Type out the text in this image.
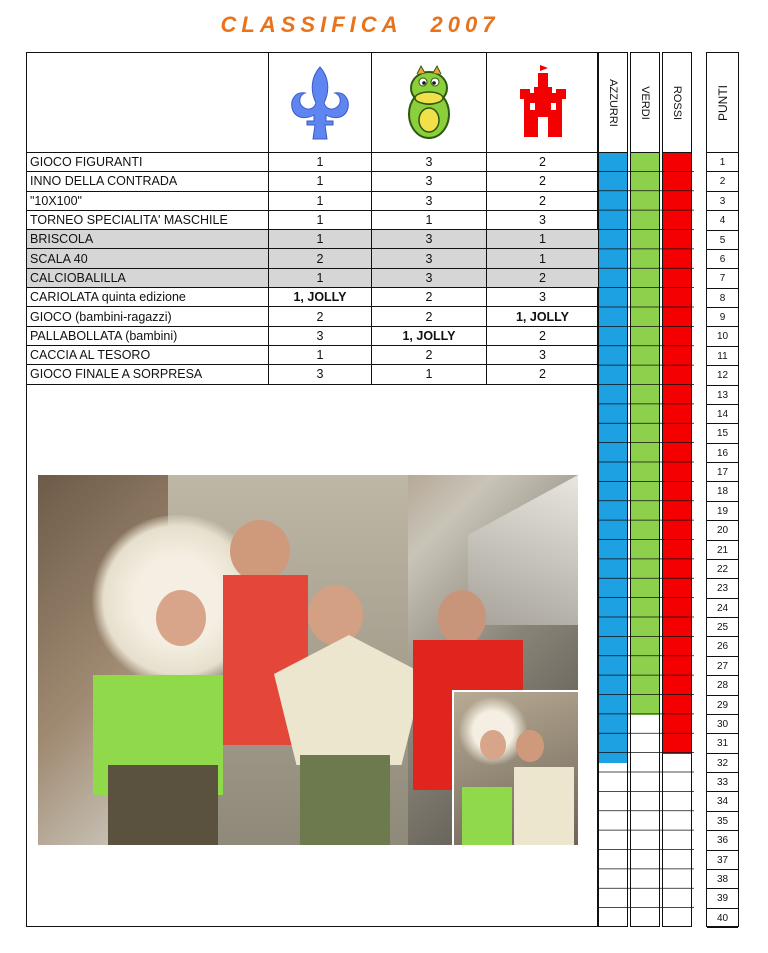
CLASSIFICA 2007

GIOCO FIGURANTI	1	3	2
INNO DELLA CONTRADA	1	3	2
"10X100"	1	3	2
TORNEO SPECIALITA' MASCHILE	1	1	3
BRISCOLA	1	3	1
SCALA 40	2	3	1
CALCIOBALILLA	1	3	2
CARIOLATA quinta edizione	1, JOLLY	2	3
GIOCO (bambini-ragazzi)	2	2	1, JOLLY
PALLABOLLATA (bambini)	3	1, JOLLY	2
CACCIA AL TESORO	1	2	3
GIOCO FINALE A SORPRESA	3	1	2
AZZURRI VERDI ROSSI	PUNTI
1
2
3
4
5
6
7
8
9
10
11
12
13
14
15
16
17
18
19
20
21
22
23
24
25
26
27
28
29
30
31
32
33
34
35
36
37
38
39
40
